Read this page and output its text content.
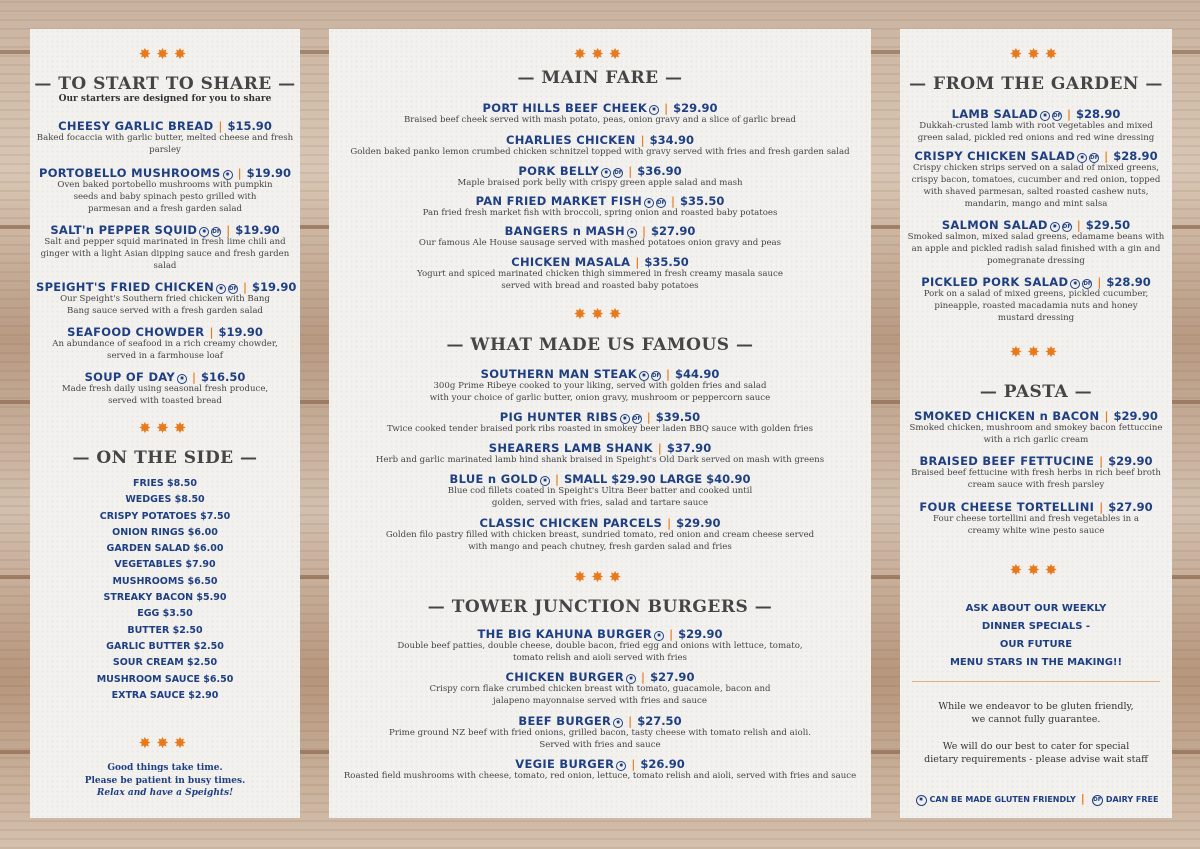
✸✸✸
— TO START TO SHARE —
Our starters are designed for you to share
CHEESY GARLIC BREAD | $15.90
Baked focaccia with garlic butter, melted cheese and fresh parsley
PORTOBELLO MUSHROOMS ✸ | $19.90
Oven baked portobello mushrooms with pumpkin seeds and baby spinach pesto grilled with parmesan and a fresh garden salad
SALT'n PEPPER SQUID ✸ DF | $19.90
Salt and pepper squid marinated in fresh lime chili and ginger with a light Asian dipping sauce and fresh garden salad
SPEIGHT'S FRIED CHICKEN ✸ DF | $19.90
Our Speight's Southern fried chicken with Bang Bang sauce served with a fresh garden salad
SEAFOOD CHOWDER | $19.90
An abundance of seafood in a rich creamy chowder, served in a farmhouse loaf
SOUP OF DAY ✸ | $16.50
Made fresh daily using seasonal fresh produce, served with toasted bread
✸✸✸
— ON THE SIDE —
FRIES $8.50
WEDGES $8.50
CRISPY POTATOES $7.50
ONION RINGS $6.00
GARDEN SALAD $6.00
VEGETABLES $7.90
MUSHROOMS $6.50
STREAKY BACON $5.90
EGG $3.50
BUTTER $2.50
GARLIC BUTTER $2.50
SOUR CREAM $2.50
MUSHROOM SAUCE $6.50
EXTRA SAUCE $2.90
✸✸✸
Good things take time.
Please be patient in busy times.
Relax and have a Speights!
✸✸✸
— MAIN FARE —
PORT HILLS BEEF CHEEK ✸ | $29.90
Braised beef cheek served with mash potato, peas, onion gravy and a slice of garlic bread
CHARLIES CHICKEN | $34.90
Golden baked panko lemon crumbed chicken schnitzel topped with gravy served with fries and fresh garden salad
PORK BELLY ✸ DF | $36.90
Maple braised pork belly with crispy green apple salad and mash
PAN FRIED MARKET FISH ✸ DF | $35.50
Pan fried fresh market fish with broccoli, spring onion and roasted baby potatoes
BANGERS n MASH ✸ | $27.90
Our famous Ale House sausage served with mashed potatoes onion gravy and peas
CHICKEN MASALA | $35.50
Yogurt and spiced marinated chicken thigh simmered in fresh creamy masala sauce served with bread and roasted baby potatoes
✸✸✸
— WHAT MADE US FAMOUS —
SOUTHERN MAN STEAK ✸ DF | $44.90
300g Prime Ribeye cooked to your liking, served with golden fries and salad with your choice of garlic butter, onion gravy, mushroom or peppercorn sauce
PIG HUNTER RIBS ✸ DF | $39.50
Twice cooked tender braised pork ribs roasted in smokey beer laden BBQ sauce with golden fries
SHEARERS LAMB SHANK | $37.90
Herb and garlic marinated lamb hind shank braised in Speight's Old Dark served on mash with greens
BLUE n GOLD ✸ | SMALL $29.90 LARGE $40.90
Blue cod fillets coated in Speight's Ultra Beer batter and cooked until golden, served with fries, salad and tartare sauce
CLASSIC CHICKEN PARCELS | $29.90
Golden filo pastry filled with chicken breast, sundried tomato, red onion and cream cheese served with mango and peach chutney, fresh garden salad and fries
✸✸✸
— TOWER JUNCTION BURGERS —
THE BIG KAHUNA BURGER ✸ | $29.90
Double beef patties, double cheese, double bacon, fried egg and onions with lettuce, tomato, tomato relish and aioli served with fries
CHICKEN BURGER ✸ | $27.90
Crispy corn flake crumbed chicken breast with tomato, guacamole, bacon and jalapeno mayonnaise served with fries and sauce
BEEF BURGER ✸ | $27.50
Prime ground NZ beef with fried onions, grilled bacon, tasty cheese with tomato relish and aioli. Served with fries and sauce
VEGIE BURGER ✸ | $26.90
Roasted field mushrooms with cheese, tomato, red onion, lettuce, tomato relish and aioli, served with fries and sauce
✸✸✸
— FROM THE GARDEN —
LAMB SALAD ✸ DF | $28.90
Dukkah-crusted lamb with root vegetables and mixed green salad, pickled red onions and red wine dressing
CRISPY CHICKEN SALAD ✸ DF | $28.90
Crispy chicken strips served on a salad of mixed greens, crispy bacon, tomatoes, cucumber and red onion, topped with shaved parmesan, salted roasted cashew nuts, mandarin, mango and mint salsa
SALMON SALAD ✸ DF | $29.50
Smoked salmon, mixed salad greens, edamame beans with an apple and pickled radish salad finished with a gin and pomegranate dressing
PICKLED PORK SALAD ✸ DF | $28.90
Pork on a salad of mixed greens, pickled cucumber, pineapple, roasted macadamia nuts and honey mustard dressing
✸✸✸
— PASTA —
SMOKED CHICKEN n BACON | $29.90
Smoked chicken, mushroom and smokey bacon fettuccine with a rich garlic cream
BRAISED BEEF FETTUCINE | $29.90
Braised beef fettucine with fresh herbs in rich beef broth cream sauce with fresh parsley
FOUR CHEESE TORTELLINI | $27.90
Four cheese tortellini and fresh vegetables in a creamy white wine pesto sauce
✸✸✸
ASK ABOUT OUR WEEKLY
DINNER SPECIALS -
OUR FUTURE
MENU STARS IN THE MAKING!!
While we endeavor to be gluten friendly,
we cannot fully guarantee.
We will do our best to cater for special
dietary requirements - please advise wait staff
✸ CAN BE MADE GLUTEN FRIENDLY | DF DAIRY FREE
